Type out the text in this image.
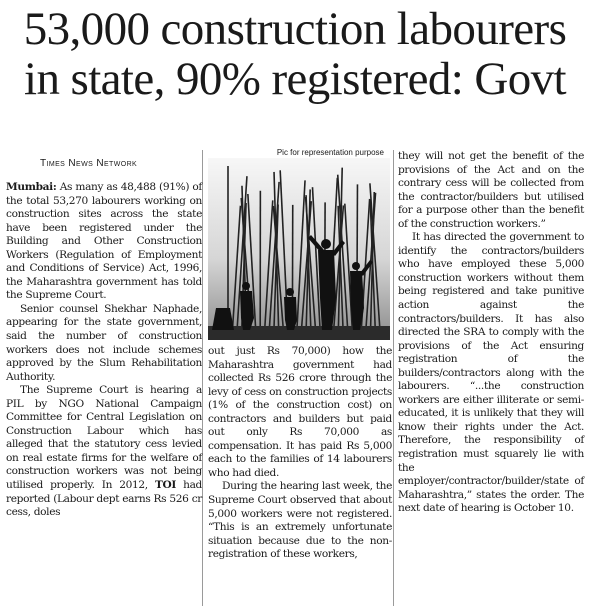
53,000 construction labourers
in state, 90% registered: Govt
Times News Network

Mumbai: As many as 48,488 (91%) of the total 53,270 labourers working on construction sites across the state have been registered under the Building and Other Construction Workers (Regulation of Employment and Conditions of Service) Act, 1996, the Maharashtra government has told the Supreme Court.

Senior counsel Shekhar Naphade, appearing for the state government, said the number of construction workers does not include schemes approved by the Slum Rehabilitation Authority.

The Supreme Court is hearing a PIL by NGO National Campaign Committee for Central Legislation on Construction Labour which has alleged that the statutory cess levied on real estate firms for the welfare of construction workers was not being utilised properly. In 2012, TOI had reported (Labour dept earns Rs 526 cr cess, doles

Pic for representation purpose

out just Rs 70,000) how the Maharashtra government had collected Rs 526 crore through the levy of cess on construction projects (1% of the construction cost) on contractors and builders but paid out only Rs 70,000 as compensation. It has paid Rs 5,000 each to the families of 14 labourers who had died.

During the hearing last week, the Supreme Court observed that about 5,000 workers were not registered. “This is an extremely unfortunate situation because due to the non-registration of these workers,

they will not get the benefit of the provisions of the Act and on the contrary cess will be collected from the contractor/builders but utilised for a purpose other than the benefit of the construction workers.”

It has directed the government to identify the contractors/builders who have employed these 5,000 construction workers without them being registered and take punitive action against the contractors/builders. It has also directed the SRA to comply with the provisions of the Act ensuring registration of the builders/contractors along with the labourers. “...the construction workers are either illiterate or semi-educated, it is unlikely that they will know their rights under the Act. Therefore, the responsibility of registration must squarely lie with the employer/contractor/builder/state of Maharashtra,” states the order. The next date of hearing is October 10.
